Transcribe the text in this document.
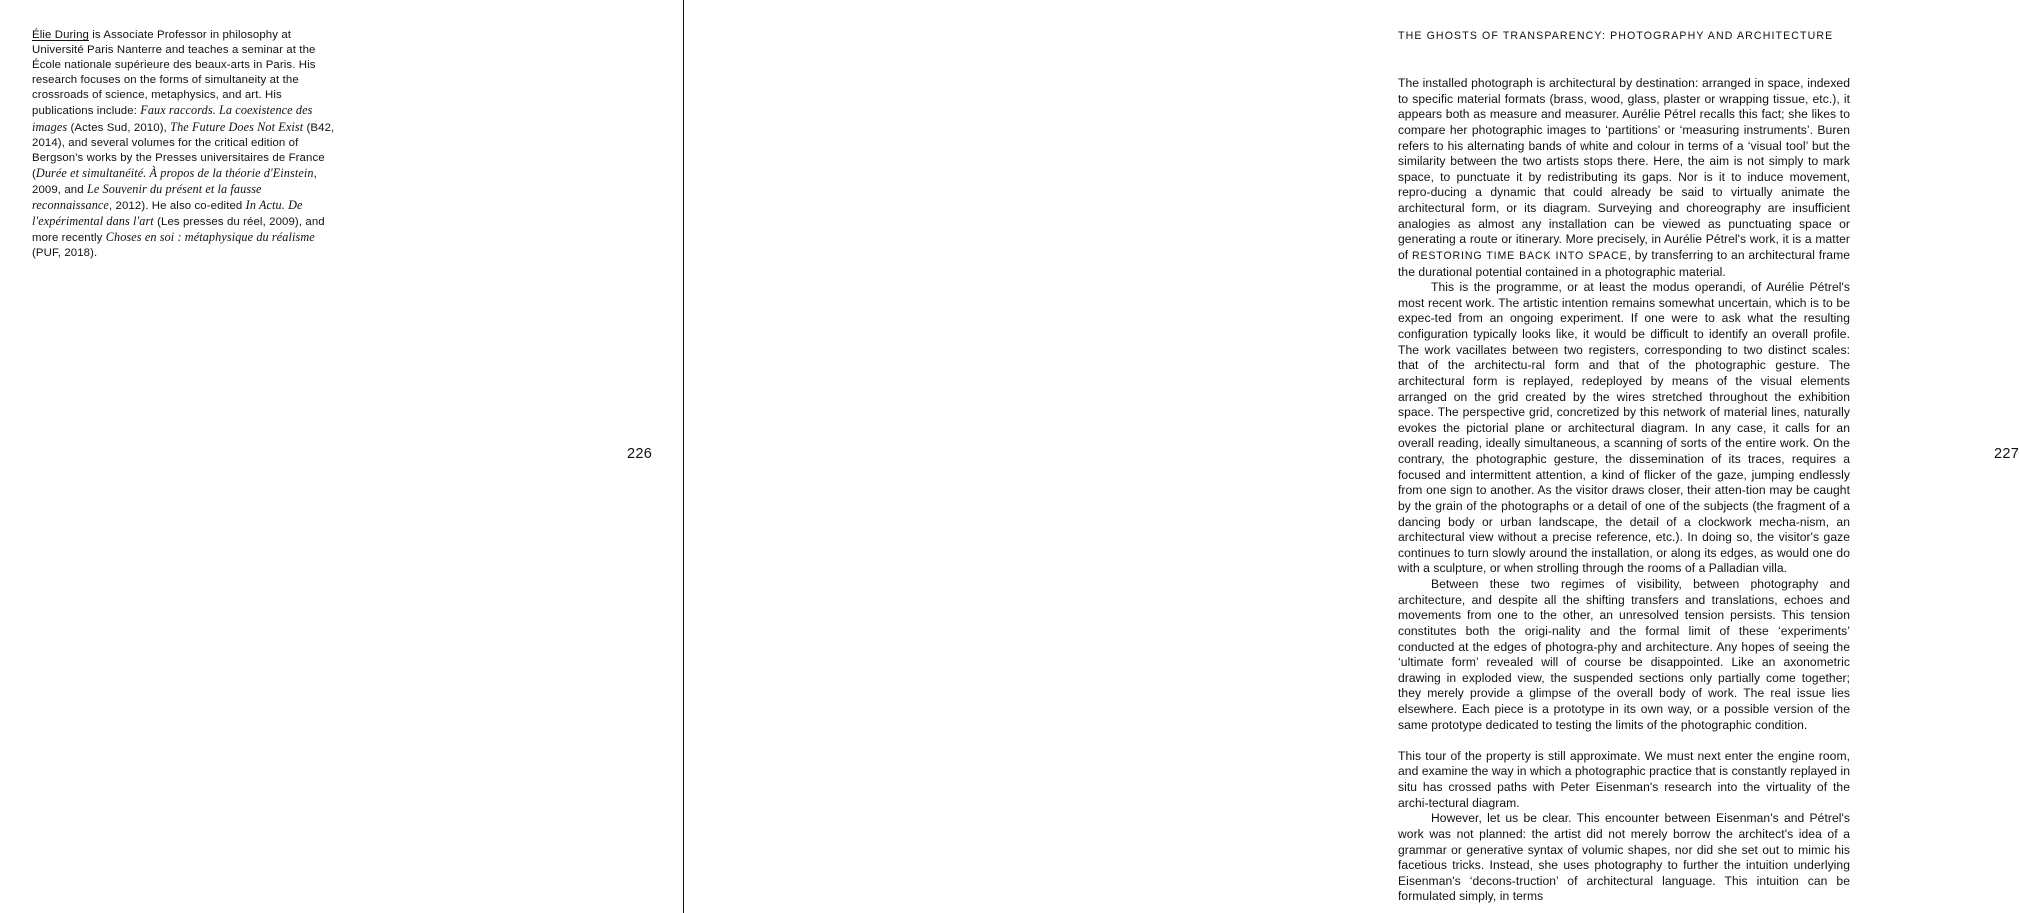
Élie During is Associate Professor in philosophy at Université Paris Nanterre and teaches a seminar at the École nationale supérieure des beaux-arts in Paris. His research focuses on the forms of simultaneity at the crossroads of science, metaphysics, and art. His publications include: Faux raccords. La coexistence des images (Actes Sud, 2010), The Future Does Not Exist (B42, 2014), and several volumes for the critical edition of Bergson's works by the Presses universitaires de France (Durée et simultanéité. À propos de la théorie d'Einstein, 2009, and Le Souvenir du présent et la fausse reconnaissance, 2012). He also co-edited In Actu. De l'expérimental dans l'art (Les presses du réel, 2009), and more recently Choses en soi : métaphysique du réalisme (PUF, 2018).
226
THE GHOSTS OF TRANSPARENCY: PHOTOGRAPHY AND ARCHITECTURE

The installed photograph is architectural by destination: arranged in space, indexed to specific material formats (brass, wood, glass, plaster or wrapping tissue, etc.), it appears both as measure and measurer. Aurélie Pétrel recalls this fact; she likes to compare her photographic images to ‘partitions’ or ‘measuring instruments’. Buren refers to his alternating bands of white and colour in terms of a ‘visual tool’ but the similarity between the two artists stops there. Here, the aim is not simply to mark space, to punctuate it by redistributing its gaps. Nor is it to induce movement, repro-ducing a dynamic that could already be said to virtually animate the architectural form, or its diagram. Surveying and choreography are insufficient analogies as almost any installation can be viewed as punctuating space or generating a route or itinerary. More precisely, in Aurélie Pétrel's work, it is a matter of RESTORING TIME BACK INTO SPACE, by transferring to an architectural frame the durational potential contained in a photographic material.

This is the programme, or at least the modus operandi, of Aurélie Pétrel's most recent work. The artistic intention remains somewhat uncertain, which is to be expec-ted from an ongoing experiment. If one were to ask what the resulting configuration typically looks like, it would be difficult to identify an overall profile. The work vacillates between two registers, corresponding to two distinct scales: that of the architectu-ral form and that of the photographic gesture. The architectural form is replayed, redeployed by means of the visual elements arranged on the grid created by the wires stretched throughout the exhibition space. The perspective grid, concretized by this network of material lines, naturally evokes the pictorial plane or architectural diagram. In any case, it calls for an overall reading, ideally simultaneous, a scanning of sorts of the entire work. On the contrary, the photographic gesture, the dissemination of its traces, requires a focused and intermittent attention, a kind of flicker of the gaze, jumping endlessly from one sign to another. As the visitor draws closer, their atten-tion may be caught by the grain of the photographs or a detail of one of the subjects (the fragment of a dancing body or urban landscape, the detail of a clockwork mecha-nism, an architectural view without a precise reference, etc.). In doing so, the visitor's gaze continues to turn slowly around the installation, or along its edges, as would one do with a sculpture, or when strolling through the rooms of a Palladian villa.

Between these two regimes of visibility, between photography and architecture, and despite all the shifting transfers and translations, echoes and movements from one to the other, an unresolved tension persists. This tension constitutes both the origi-nality and the formal limit of these ‘experiments’ conducted at the edges of photogra-phy and architecture. Any hopes of seeing the ‘ultimate form’ revealed will of course be disappointed. Like an axonometric drawing in exploded view, the suspended sections only partially come together; they merely provide a glimpse of the overall body of work. The real issue lies elsewhere. Each piece is a prototype in its own way, or a possible version of the same prototype dedicated to testing the limits of the photographic condition.

This tour of the property is still approximate. We must next enter the engine room, and examine the way in which a photographic practice that is constantly replayed in situ has crossed paths with Peter Eisenman's research into the virtuality of the archi-tectural diagram.

However, let us be clear. This encounter between Eisenman's and Pétrel's work was not planned: the artist did not merely borrow the architect's idea of a grammar or generative syntax of volumic shapes, nor did she set out to mimic his facetious tricks. Instead, she uses photography to further the intuition underlying Eisenman's ‘decons-truction’ of architectural language. This intuition can be formulated simply, in terms

227
